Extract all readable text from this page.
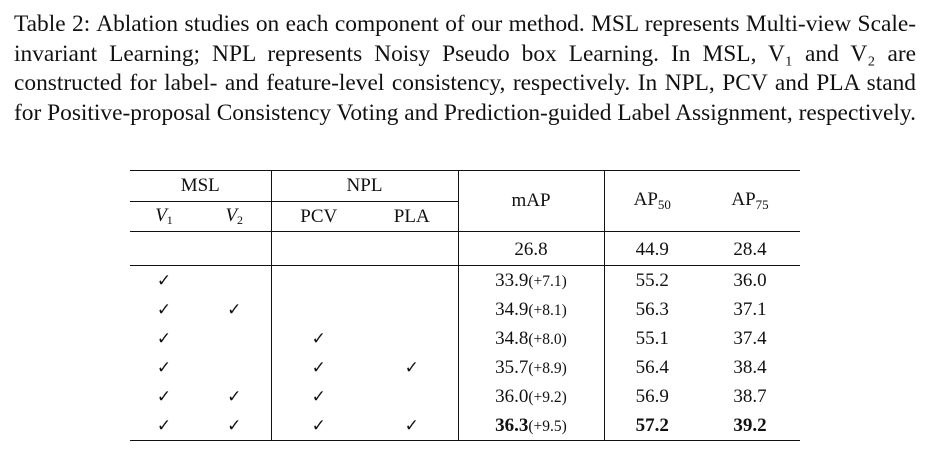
Table 2: Ablation studies on each component of our method. MSL represents Multi-view Scale-invariant Learning; NPL represents Noisy Pseudo box Learning. In MSL, V₁ and V₂ are constructed for label- and feature-level consistency, respectively. In NPL, PCV and PLA stand for Positive-proposal Consistency Voting and Prediction-guided Label Assignment, respectively.
MSL		NPL		mAP	$AP_{50}$	$AP_{75}$
$V_1$	$V_2$	PCV	PLA			
				26.8	44.9	28.4
✓				33.9(+7.1)	55.2	36.0
✓	✓			34.9(+8.1)	56.3	37.1
✓		✓		34.8(+8.0)	55.1	37.4
✓		✓	✓	35.7(+8.9)	56.4	38.4
✓	✓	✓		36.0(+9.2)	56.9	38.7
✓	✓	✓	✓	36.3(+9.5)	57.2	39.2
